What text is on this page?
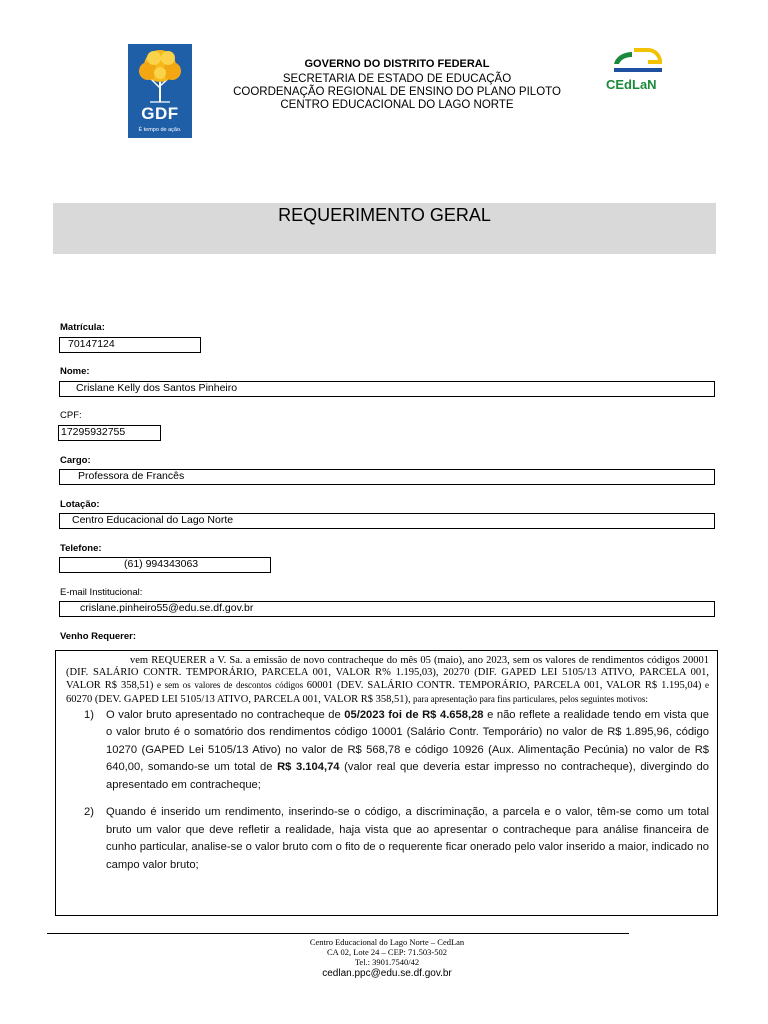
GDF
É tempo de ação.
GOVERNO DO DISTRITO FEDERAL
SECRETARIA DE ESTADO DE EDUCAÇÃO
COORDENAÇÃO REGIONAL DE ENSINO DO PLANO PILOTO
CENTRO EDUCACIONAL DO LAGO NORTE
CEdLaN
REQUERIMENTO GERAL
Matrícula:
70147124
Nome:
Crislane Kelly dos Santos Pinheiro
CPF:
17295932755
Cargo:
Professora de Francês
Lotação:
Centro Educacional do Lago Norte
Telefone:
(61) 994343063
E-mail Institucional:
crislane.pinheiro55@edu.se.df.gov.br
Venho Requerer:

vem REQUERER a V. Sa. a emissão de novo contracheque do mês 05 (maio), ano 2023, sem os valores de rendimentos códigos 20001 (DIF. SALÁRIO CONTR. TEMPORÁRIO, PARCELA 001, VALOR R% 1.195,03), 20270 (DIF. GAPED LEI 5105/13 ATIVO, PARCELA 001, VALOR R$ 358,51) e sem os valores de descontos códigos 60001 (DEV. SALÁRIO CONTR. TEMPORÁRIO, PARCELA 001, VALOR R$ 1.195,04) e 60270 (DEV. GAPED LEI 5105/13 ATIVO, PARCELA 001, VALOR R$ 358,51), para apresentação para fins particulares, pelos seguintes motivos:

1) O valor bruto apresentado no contracheque de 05/2023 foi de R$ 4.658,28 e não reflete a realidade tendo em vista que o valor bruto é o somatório dos rendimentos código 10001 (Salário Contr. Temporário) no valor de R$ 1.895,96, código 10270 (GAPED Lei 5105/13 Ativo) no valor de R$ 568,78 e código 10926 (Aux. Alimentação Pecúnia) no valor de R$ 640,00, somando-se um total de R$ 3.104,74 (valor real que deveria estar impresso no contracheque), divergindo do apresentado em contracheque;
2) Quando é inserido um rendimento, inserindo-se o código, a discriminação, a parcela e o valor, têm-se como um total bruto um valor que deve refletir a realidade, haja vista que ao apresentar o contracheque para análise financeira de cunho particular, analise-se o valor bruto com o fito de o requerente ficar onerado pelo valor inserido a maior, indicado no campo valor bruto;
Centro Educacional do Lago Norte – CedLan
CA 02, Lote 24 – CEP: 71.503-502
Tel.: 3901.7540/42
cedlan.ppc@edu.se.df.gov.br
